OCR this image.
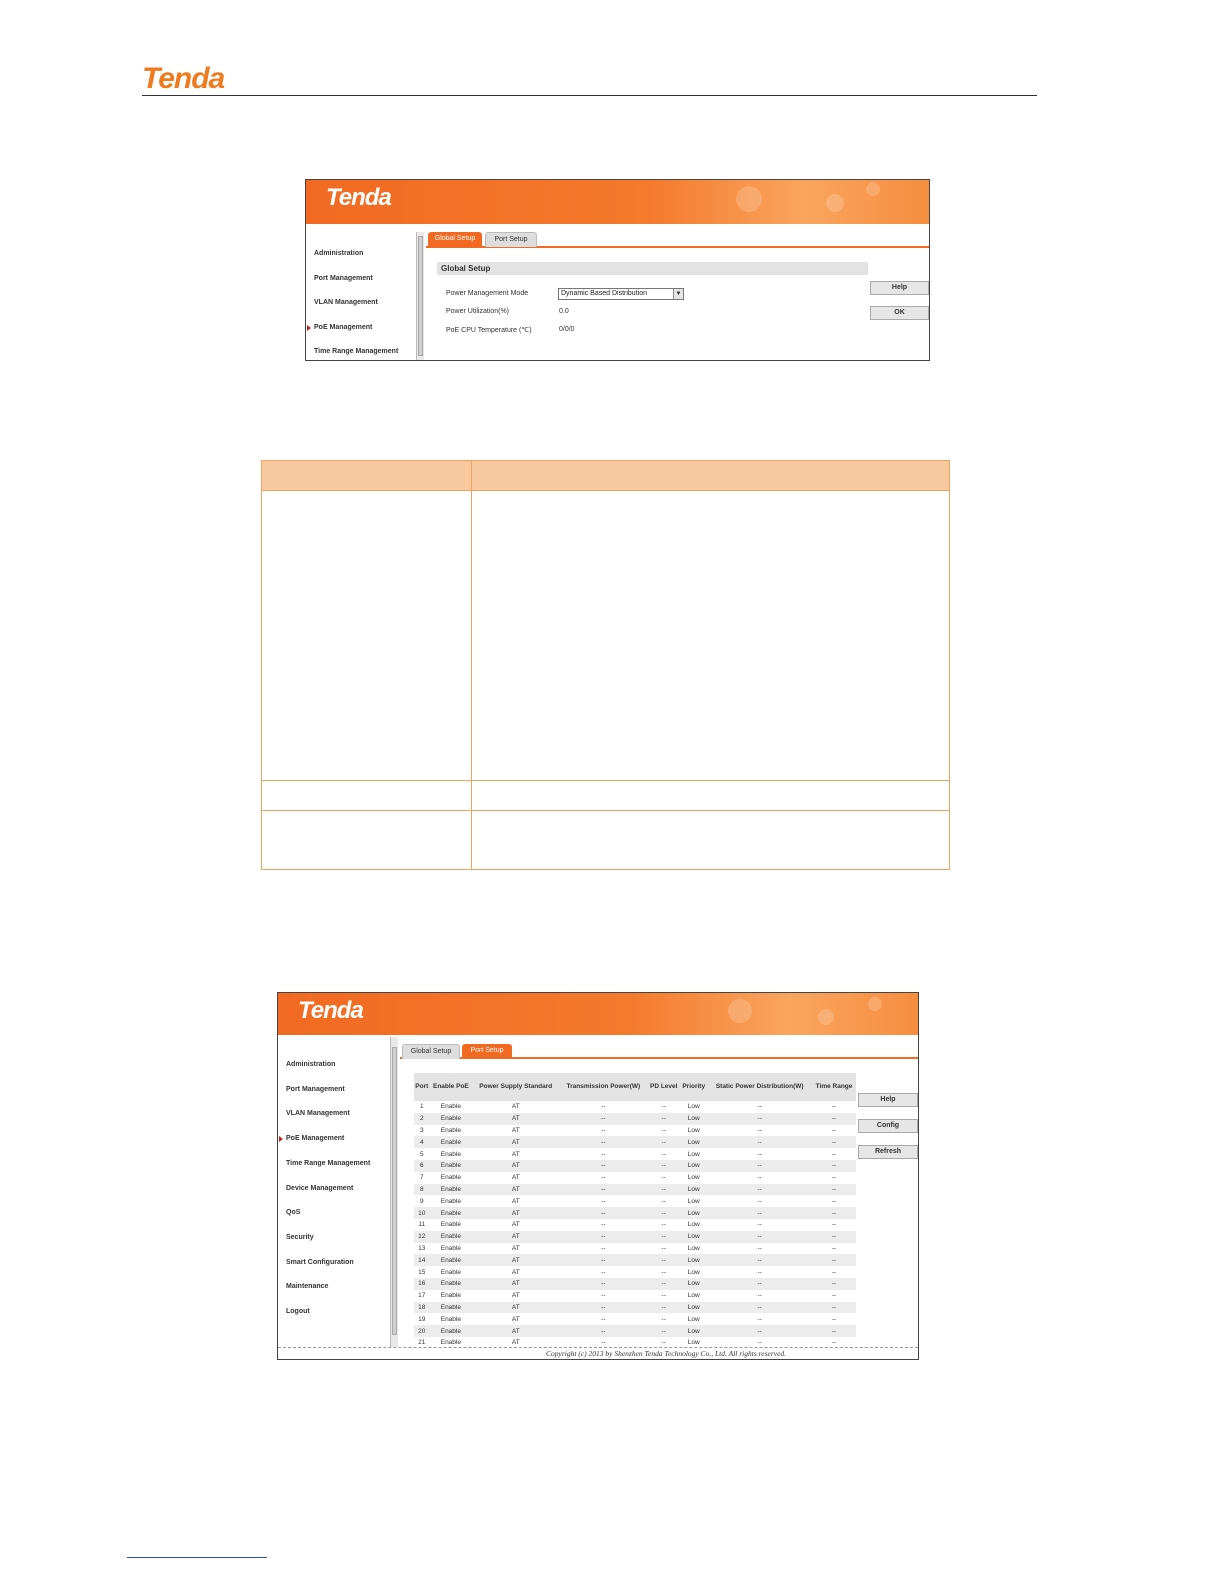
Tenda
Tenda
Administration
Port Management
VLAN Management
PoE Management
Time Range Management
Global Setup	Port Setup
Global Setup
Power Management Mode	Dynamic Based Distribution	▼
Power Utilization(%)	0.0
PoE CPU Temperature (℃)	0/0/0
Help
OK
Tenda
Administration
Port Management
VLAN Management
PoE Management
Time Range Management
Device Management
QoS
Security
Smart Configuration
Maintenance
Logout
Global Setup	Port Setup
Port	Enable PoE	Power Supply Standard	Transmission Power(W)	PD Level	Priority	Static Power Distribution(W)	Time Range
1	Enable	AT	--	--	Low	--	--
2	Enable	AT	--	--	Low	--	--
3	Enable	AT	--	--	Low	--	--
4	Enable	AT	--	--	Low	--	--
5	Enable	AT	--	--	Low	--	--
6	Enable	AT	--	--	Low	--	--
7	Enable	AT	--	--	Low	--	--
8	Enable	AT	--	--	Low	--	--
9	Enable	AT	--	--	Low	--	--
10	Enable	AT	--	--	Low	--	--
11	Enable	AT	--	--	Low	--	--
12	Enable	AT	--	--	Low	--	--
13	Enable	AT	--	--	Low	--	--
14	Enable	AT	--	--	Low	--	--
15	Enable	AT	--	--	Low	--	--
16	Enable	AT	--	--	Low	--	--
17	Enable	AT	--	--	Low	--	--
18	Enable	AT	--	--	Low	--	--
19	Enable	AT	--	--	Low	--	--
20	Enable	AT	--	--	Low	--	--
21	Enable	AT	--	--	Low	--	--
Help
Config
Refresh
Copyright (c) 2013 by Shenzhen Tenda Technology Co., Ltd. All rights reserved.
